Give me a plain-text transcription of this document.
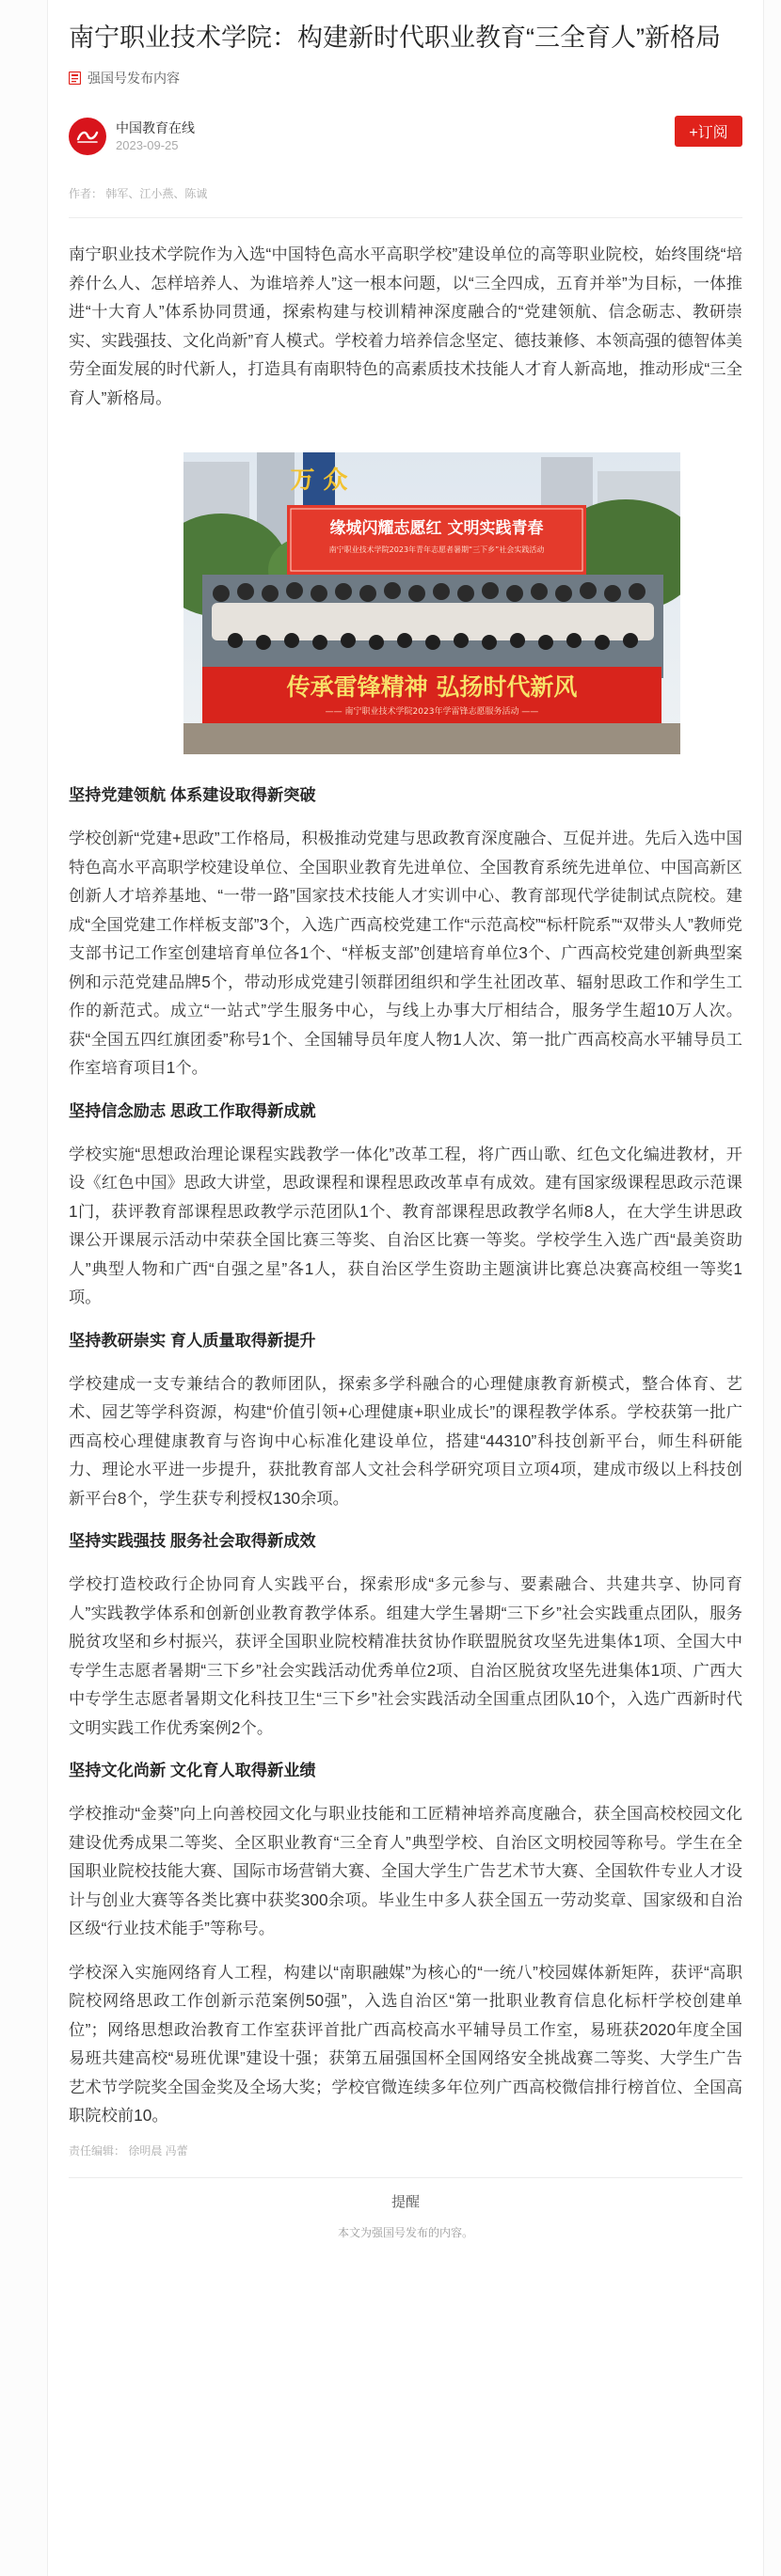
南宁职业技术学院：构建新时代职业教育“三全育人”新格局
强国号发布内容
中国教育在线
2023-09-25
+订阅
作者： 韩军、江小燕、陈诚

南宁职业技术学院作为入选“中国特色高水平高职学校”建设单位的高等职业院校，始终围绕“培养什么人、怎样培养人、为谁培养人”这一根本问题，以“三全四成，五育并举”为目标，一体推进“十大育人”体系协同贯通，探索构建与校训精神深度融合的“党建领航、信念砺志、教研崇实、实践强技、文化尚新”育人模式。学校着力培养信念坚定、德技兼修、本领高强的德智体美劳全面发展的时代新人，打造具有南职特色的高素质技术技能人才育人新高地，推动形成“三全育人”新格局。

万 众
缘城闪耀志愿红 文明实践青春
南宁职业技术学院2023年青年志愿者暑期“三下乡”社会实践活动
传承雷锋精神 弘扬时代新风
—— 南宁职业技术学院2023年学雷锋志愿服务活动 ——
坚持党建领航 体系建设取得新突破

学校创新“党建+思政”工作格局，积极推动党建与思政教育深度融合、互促并进。先后入选中国特色高水平高职学校建设单位、全国职业教育先进单位、全国教育系统先进单位、中国高新区创新人才培养基地、“一带一路”国家技术技能人才实训中心、教育部现代学徒制试点院校。建成“全国党建工作样板支部”3个，入选广西高校党建工作“示范高校”“标杆院系”“双带头人”教师党支部书记工作室创建培育单位各1个、“样板支部”创建培育单位3个、广西高校党建创新典型案例和示范党建品牌5个，带动形成党建引领群团组织和学生社团改革、辐射思政工作和学生工作的新范式。成立“一站式”学生服务中心，与线上办事大厅相结合，服务学生超10万人次。获“全国五四红旗团委”称号1个、全国辅导员年度人物1人次、第一批广西高校高水平辅导员工作室培育项目1个。

坚持信念励志 思政工作取得新成就

学校实施“思想政治理论课程实践教学一体化”改革工程，将广西山歌、红色文化编进教材，开设《红色中国》思政大讲堂，思政课程和课程思政改革卓有成效。建有国家级课程思政示范课1门，获评教育部课程思政教学示范团队1个、教育部课程思政教学名师8人，在大学生讲思政课公开课展示活动中荣获全国比赛三等奖、自治区比赛一等奖。学校学生入选广西“最美资助人”典型人物和广西“自强之星”各1人，获自治区学生资助主题演讲比赛总决赛高校组一等奖1项。

坚持教研崇实 育人质量取得新提升

学校建成一支专兼结合的教师团队，探索多学科融合的心理健康教育新模式，整合体育、艺术、园艺等学科资源，构建“价值引领+心理健康+职业成长”的课程教学体系。学校获第一批广西高校心理健康教育与咨询中心标准化建设单位，搭建“44310”科技创新平台，师生科研能力、理论水平进一步提升，获批教育部人文社会科学研究项目立项4项，建成市级以上科技创新平台8个，学生获专利授权130余项。

坚持实践强技 服务社会取得新成效

学校打造校政行企协同育人实践平台，探索形成“多元参与、要素融合、共建共享、协同育人”实践教学体系和创新创业教育教学体系。组建大学生暑期“三下乡”社会实践重点团队，服务脱贫攻坚和乡村振兴，获评全国职业院校精准扶贫协作联盟脱贫攻坚先进集体1项、全国大中专学生志愿者暑期“三下乡”社会实践活动优秀单位2项、自治区脱贫攻坚先进集体1项、广西大中专学生志愿者暑期文化科技卫生“三下乡”社会实践活动全国重点团队10个，入选广西新时代文明实践工作优秀案例2个。

坚持文化尚新 文化育人取得新业绩

学校推动“金葵”向上向善校园文化与职业技能和工匠精神培养高度融合，获全国高校校园文化建设优秀成果二等奖、全区职业教育“三全育人”典型学校、自治区文明校园等称号。学生在全国职业院校技能大赛、国际市场营销大赛、全国大学生广告艺术节大赛、全国软件专业人才设计与创业大赛等各类比赛中获奖300余项。毕业生中多人获全国五一劳动奖章、国家级和自治区级“行业技术能手”等称号。

学校深入实施网络育人工程，构建以“南职融媒”为核心的“一统八”校园媒体新矩阵，获评“高职院校网络思政工作创新示范案例50强”，入选自治区“第一批职业教育信息化标杆学校创建单位”；网络思想政治教育工作室获评首批广西高校高水平辅导员工作室，易班获2020年度全国易班共建高校“易班优课”建设十强；获第五届强国杯全国网络安全挑战赛二等奖、大学生广告艺术节学院奖全国金奖及全场大奖；学校官微连续多年位列广西高校微信排行榜首位、全国高职院校前10。

责任编辑： 徐明晨 冯蕾
提醒
本文为强国号发布的内容。
